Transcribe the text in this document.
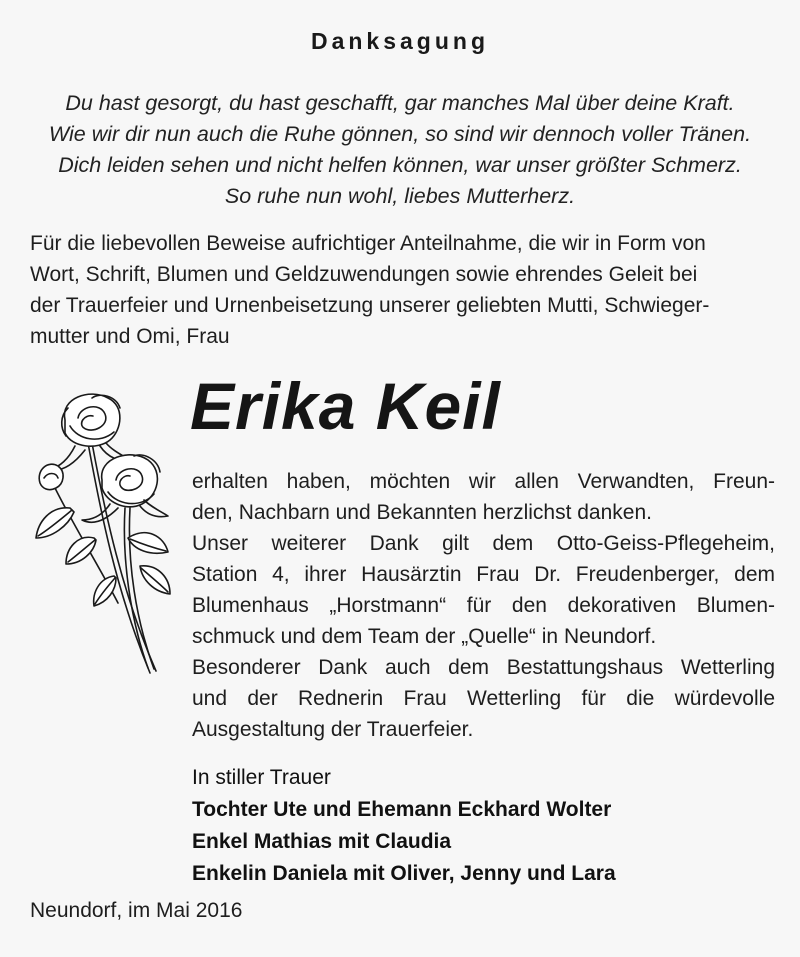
Danksagung
Du hast gesorgt, du hast geschafft, gar manches Mal über deine Kraft.
Wie wir dir nun auch die Ruhe gönnen, so sind wir dennoch voller Tränen.
Dich leiden sehen und nicht helfen können, war unser größter Schmerz.
So ruhe nun wohl, liebes Mutterherz.
Für die liebevollen Beweise aufrichtiger Anteilnahme, die wir in Form von
Wort, Schrift, Blumen und Geldzuwendungen sowie ehrendes Geleit bei
der Trauerfeier und Urnenbeisetzung unserer geliebten Mutti, Schwieger-
mutter und Omi, Frau
Erika Keil
erhalten haben, möchten wir allen Verwandten, Freun-
den, Nachbarn und Bekannten herzlichst danken.
Unser weiterer Dank gilt dem Otto-Geiss-Pflegeheim,
Station 4, ihrer Hausärztin Frau Dr. Freudenberger, dem
Blumenhaus „Horstmann“ für den dekorativen Blumen-
schmuck und dem Team der „Quelle“ in Neundorf.
Besonderer Dank auch dem Bestattungshaus Wetterling
und der Rednerin Frau Wetterling für die würdevolle
Ausgestaltung der Trauerfeier.
In stiller Trauer
Tochter Ute und Ehemann Eckhard Wolter
Enkel Mathias mit Claudia
Enkelin Daniela mit Oliver, Jenny und Lara
Neundorf, im Mai 2016
